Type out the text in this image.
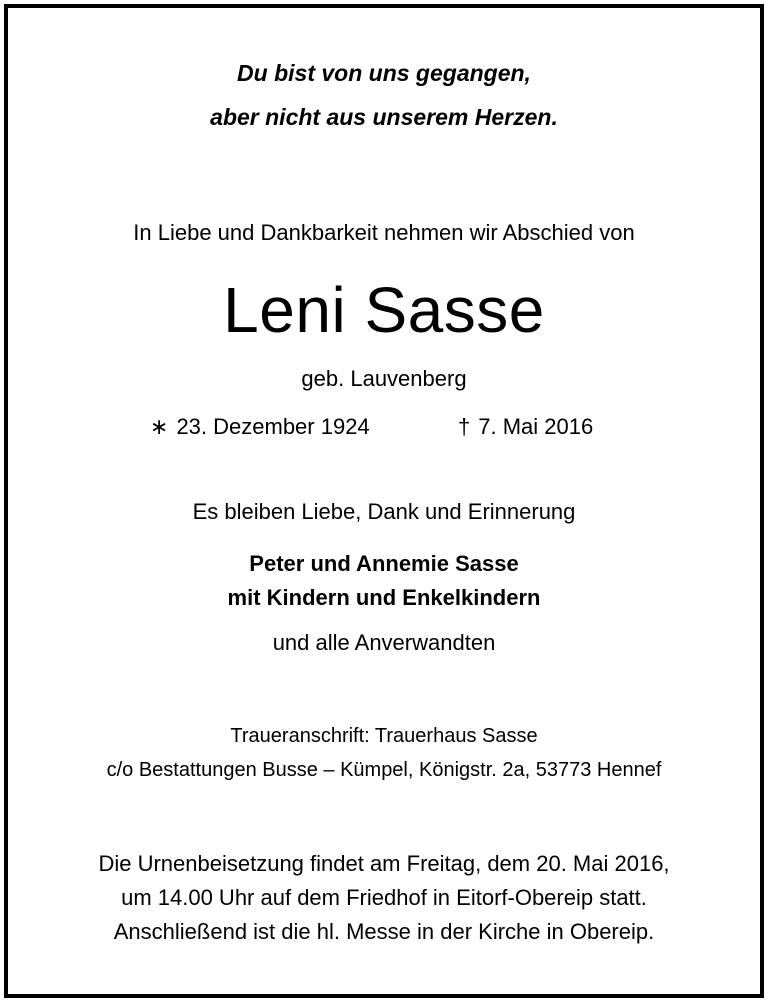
Du bist von uns gegangen,
aber nicht aus unserem Herzen.
In Liebe und Dankbarkeit nehmen wir Abschied von
Leni Sasse
geb. Lauvenberg
∗ 23. Dezember 1924	† 7. Mai 2016
Es bleiben Liebe, Dank und Erinnerung
Peter und Annemie Sasse
mit Kindern und Enkelkindern
und alle Anverwandten
Traueranschrift: Trauerhaus Sasse
c/o Bestattungen Busse – Kümpel, Königstr. 2a, 53773 Hennef
Die Urnenbeisetzung findet am Freitag, dem 20. Mai 2016,
um 14.00 Uhr auf dem Friedhof in Eitorf-Obereip statt.
Anschließend ist die hl. Messe in der Kirche in Obereip.
